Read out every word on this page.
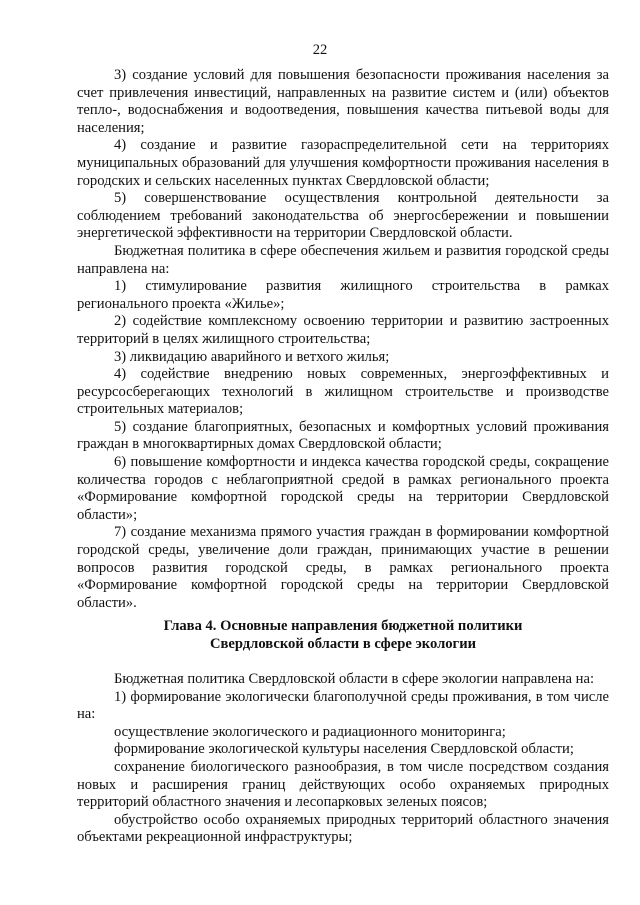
22

3) создание условий для повышения безопасности проживания населения за счет привлечения инвестиций, направленных на развитие систем и (или) объектов тепло-, водоснабжения и водоотведения, повышения качества питьевой воды для населения;

4) создание и развитие газораспределительной сети на территориях муниципальных образований для улучшения комфортности проживания населения в городских и сельских населенных пунктах Свердловской области;

5) совершенствование осуществления контрольной деятельности за соблюдением требований законодательства об энергосбережении и повышении энергетической эффективности на территории Свердловской области.

Бюджетная политика в сфере обеспечения жильем и развития городской среды направлена на:

1) стимулирование развития жилищного строительства в рамках регионального проекта «Жилье»;

2) содействие комплексному освоению территории и развитию застроенных территорий в целях жилищного строительства;

3) ликвидацию аварийного и ветхого жилья;

4) содействие внедрению новых современных, энергоэффективных и ресурсосберегающих технологий в жилищном строительстве и производстве строительных материалов;

5) создание благоприятных, безопасных и комфортных условий проживания граждан в многоквартирных домах Свердловской области;

6) повышение комфортности и индекса качества городской среды, сокращение количества городов с неблагоприятной средой в рамках регионального проекта «Формирование комфортной городской среды на территории Свердловской области»;

7) создание механизма прямого участия граждан в формировании комфортной городской среды, увеличение доли граждан, принимающих участие в решении вопросов развития городской среды, в рамках регионального проекта «Формирование комфортной городской среды на территории Свердловской области».

Глава 4. Основные направления бюджетной политики
Свердловской области в сфере экологии

Бюджетная политика Свердловской области в сфере экологии направлена на:

1) формирование экологически благополучной среды проживания, в том числе на:

осуществление экологического и радиационного мониторинга;

формирование экологической культуры населения Свердловской области;

сохранение биологического разнообразия, в том числе посредством создания новых и расширения границ действующих особо охраняемых природных территорий областного значения и лесопарковых зеленых поясов;

обустройство особо охраняемых природных территорий областного значения объектами рекреационной инфраструктуры;
